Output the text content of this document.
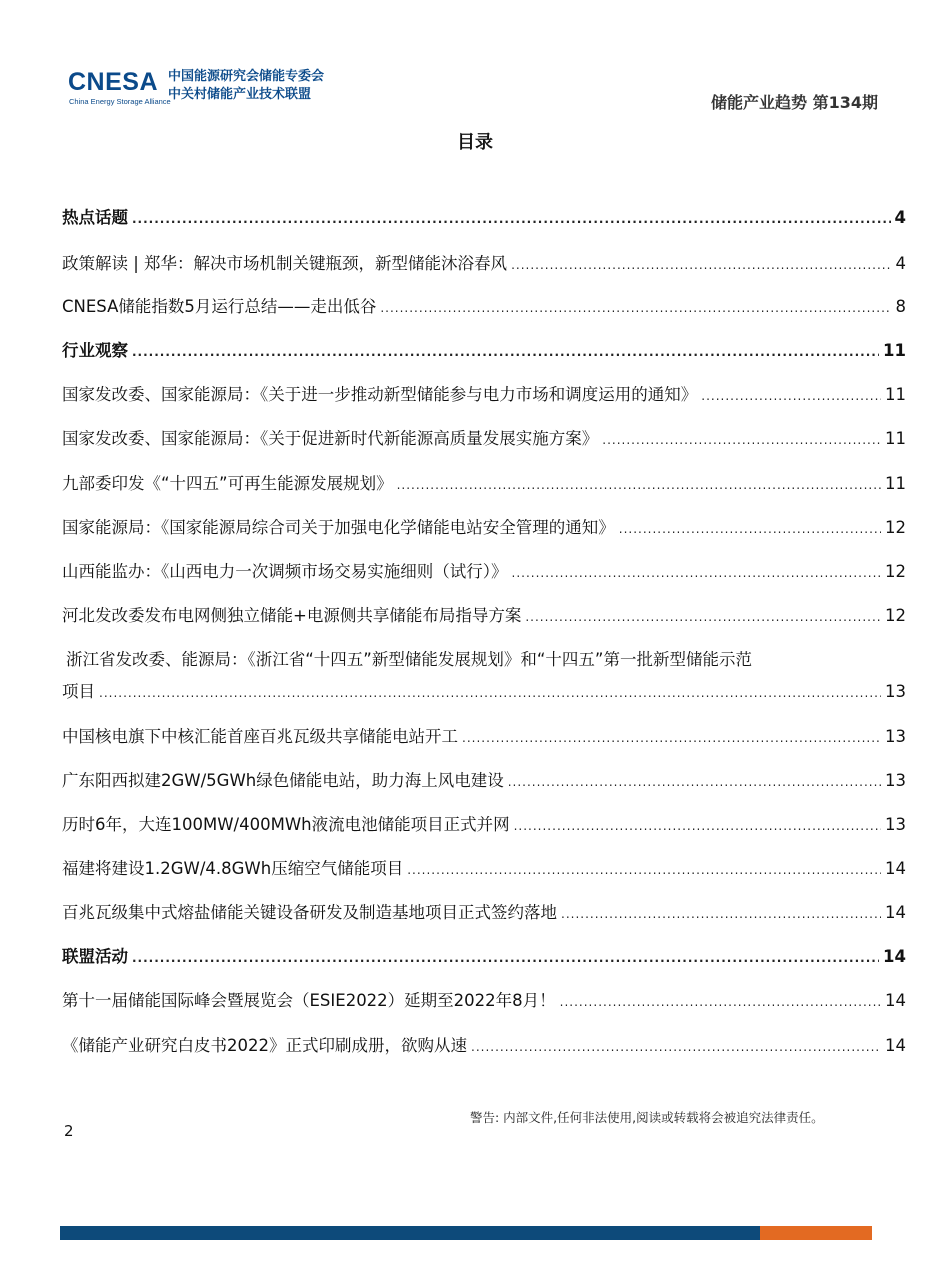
CNESA
China Energy Storage Alliance
中国能源研究会储能专委会
中关村储能产业技术联盟	储能产业趋势 第134期
目录
热点话题 .....	4
政策解读 | 郑华：解决市场机制关键瓶颈，新型储能沐浴春风 .....	4
CNESA储能指数5月运行总结——走出低谷 .....	8
行业观察 .....	11
国家发改委、国家能源局：《关于进一步推动新型储能参与电力市场和调度运用的通知》 .....	11
国家发改委、国家能源局：《关于促进新时代新能源高质量发展实施方案》 .....	11
九部委印发《“十四五”可再生能源发展规划》 .....	11
国家能源局：《国家能源局综合司关于加强电化学储能电站安全管理的通知》 .....	12
山西能监办：《山西电力一次调频市场交易实施细则（试行）》 .....	12
河北发改委发布电网侧独立储能+电源侧共享储能布局指导方案 .....	12
浙江省发改委、能源局：《浙江省“十四五”新型储能发展规划》和“十四五”第一批新型储能示范
项目 .....	13
中国核电旗下中核汇能首座百兆瓦级共享储能电站开工 .....	13
广东阳西拟建2GW/5GWh绿色储能电站，助力海上风电建设 .....	13
历时6年，大连100MW/400MWh液流电池储能项目正式并网 .....	13
福建将建设1.2GW/4.8GWh压缩空气储能项目 .....	14
百兆瓦级集中式熔盐储能关键设备研发及制造基地项目正式签约落地 .....	14
联盟活动 .....	14
第十一届储能国际峰会暨展览会（ESIE2022）延期至2022年8月！ .....	14
《储能产业研究白皮书2022》正式印刷成册，欲购从速 .....	14
警告: 内部文件,任何非法使用,阅读或转载将会被追究法律责任。
2
